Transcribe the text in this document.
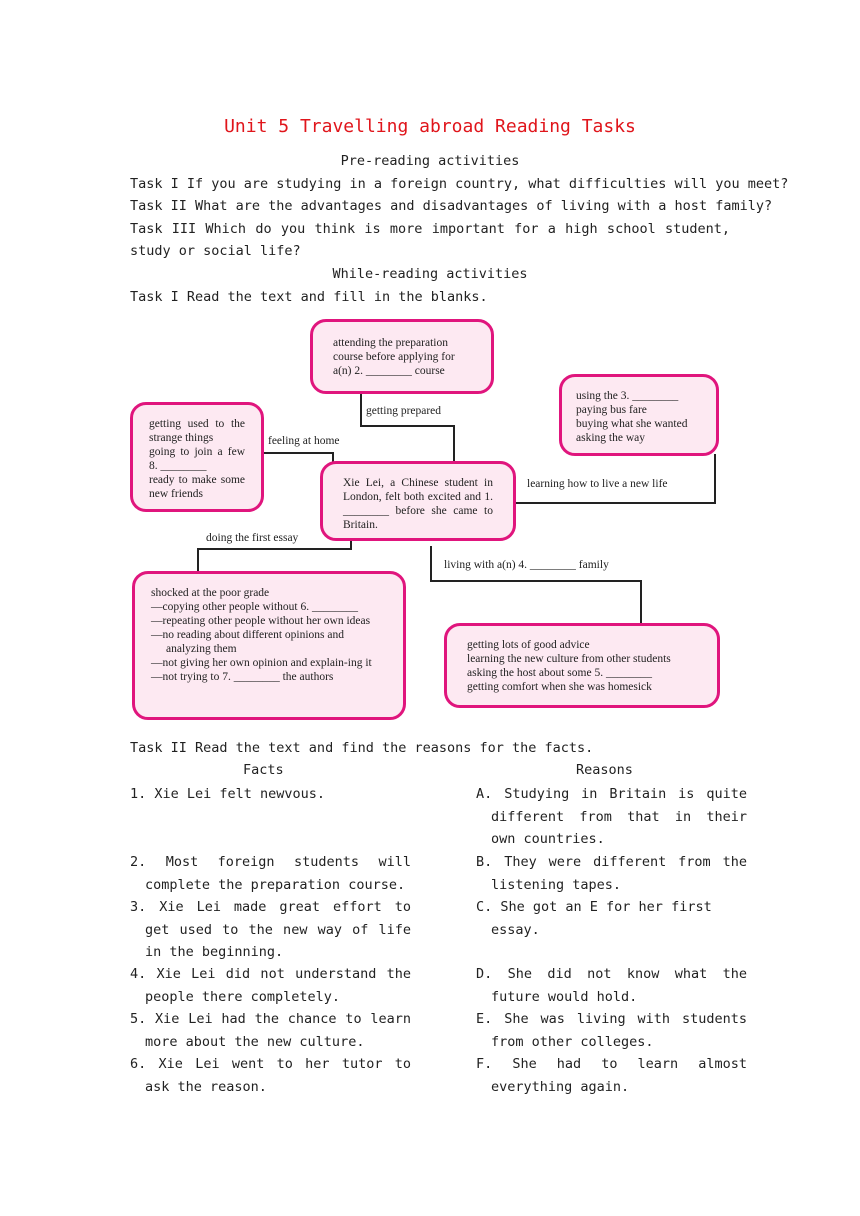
Unit 5 Travelling abroad Reading Tasks
Pre-reading activities
Task I If you are studying in a foreign country, what difficulties will you meet?
Task II What are the advantages and disadvantages of living with a host family?
Task III Which do you think is more important for a high school student, study or social life?
While-reading activities
Task I Read the text and fill in the blanks.
attending the preparation course before applying for a(n) 2. ________ course
using the 3. ________
paying bus fare
buying what she wanted
asking the way
getting used to the strange things
going to join a few 8. ________
ready to make some new friends
Xie Lei, a Chinese student in London, felt both excited and 1. ________ before she came to Britain.
shocked at the poor grade
—copying other people without 6. ________
—repeating other people without her own ideas
—no reading about different opinions and analyzing them
—not giving her own opinion and explain-ing it
—not trying to 7. ________ the authors
getting lots of good advice
learning the new culture from other students
asking the host about some 5. ________
getting comfort when she was homesick
getting prepared
feeling at home
learning how to live a new life
doing the first essay
living with a(n) 4. ________ family
Task II Read the text and find the reasons for the facts.
Facts	Reasons
1. Xie Lei felt newvous.
2. Most foreign students will complete the preparation course.
3. Xie Lei made great effort to get used to the new way of life in the beginning.
4. Xie Lei did not understand the people there completely.
5. Xie Lei had the chance to learn more about the new culture.
6. Xie Lei went to her tutor to ask the reason.
A. Studying in Britain is quite different from that in their own countries.
B. They were different from the listening tapes.
C. She got an E for her first essay.
D. She did not know what the future would hold.
E. She was living with students from other colleges.
F. She had to learn almost everything again.
